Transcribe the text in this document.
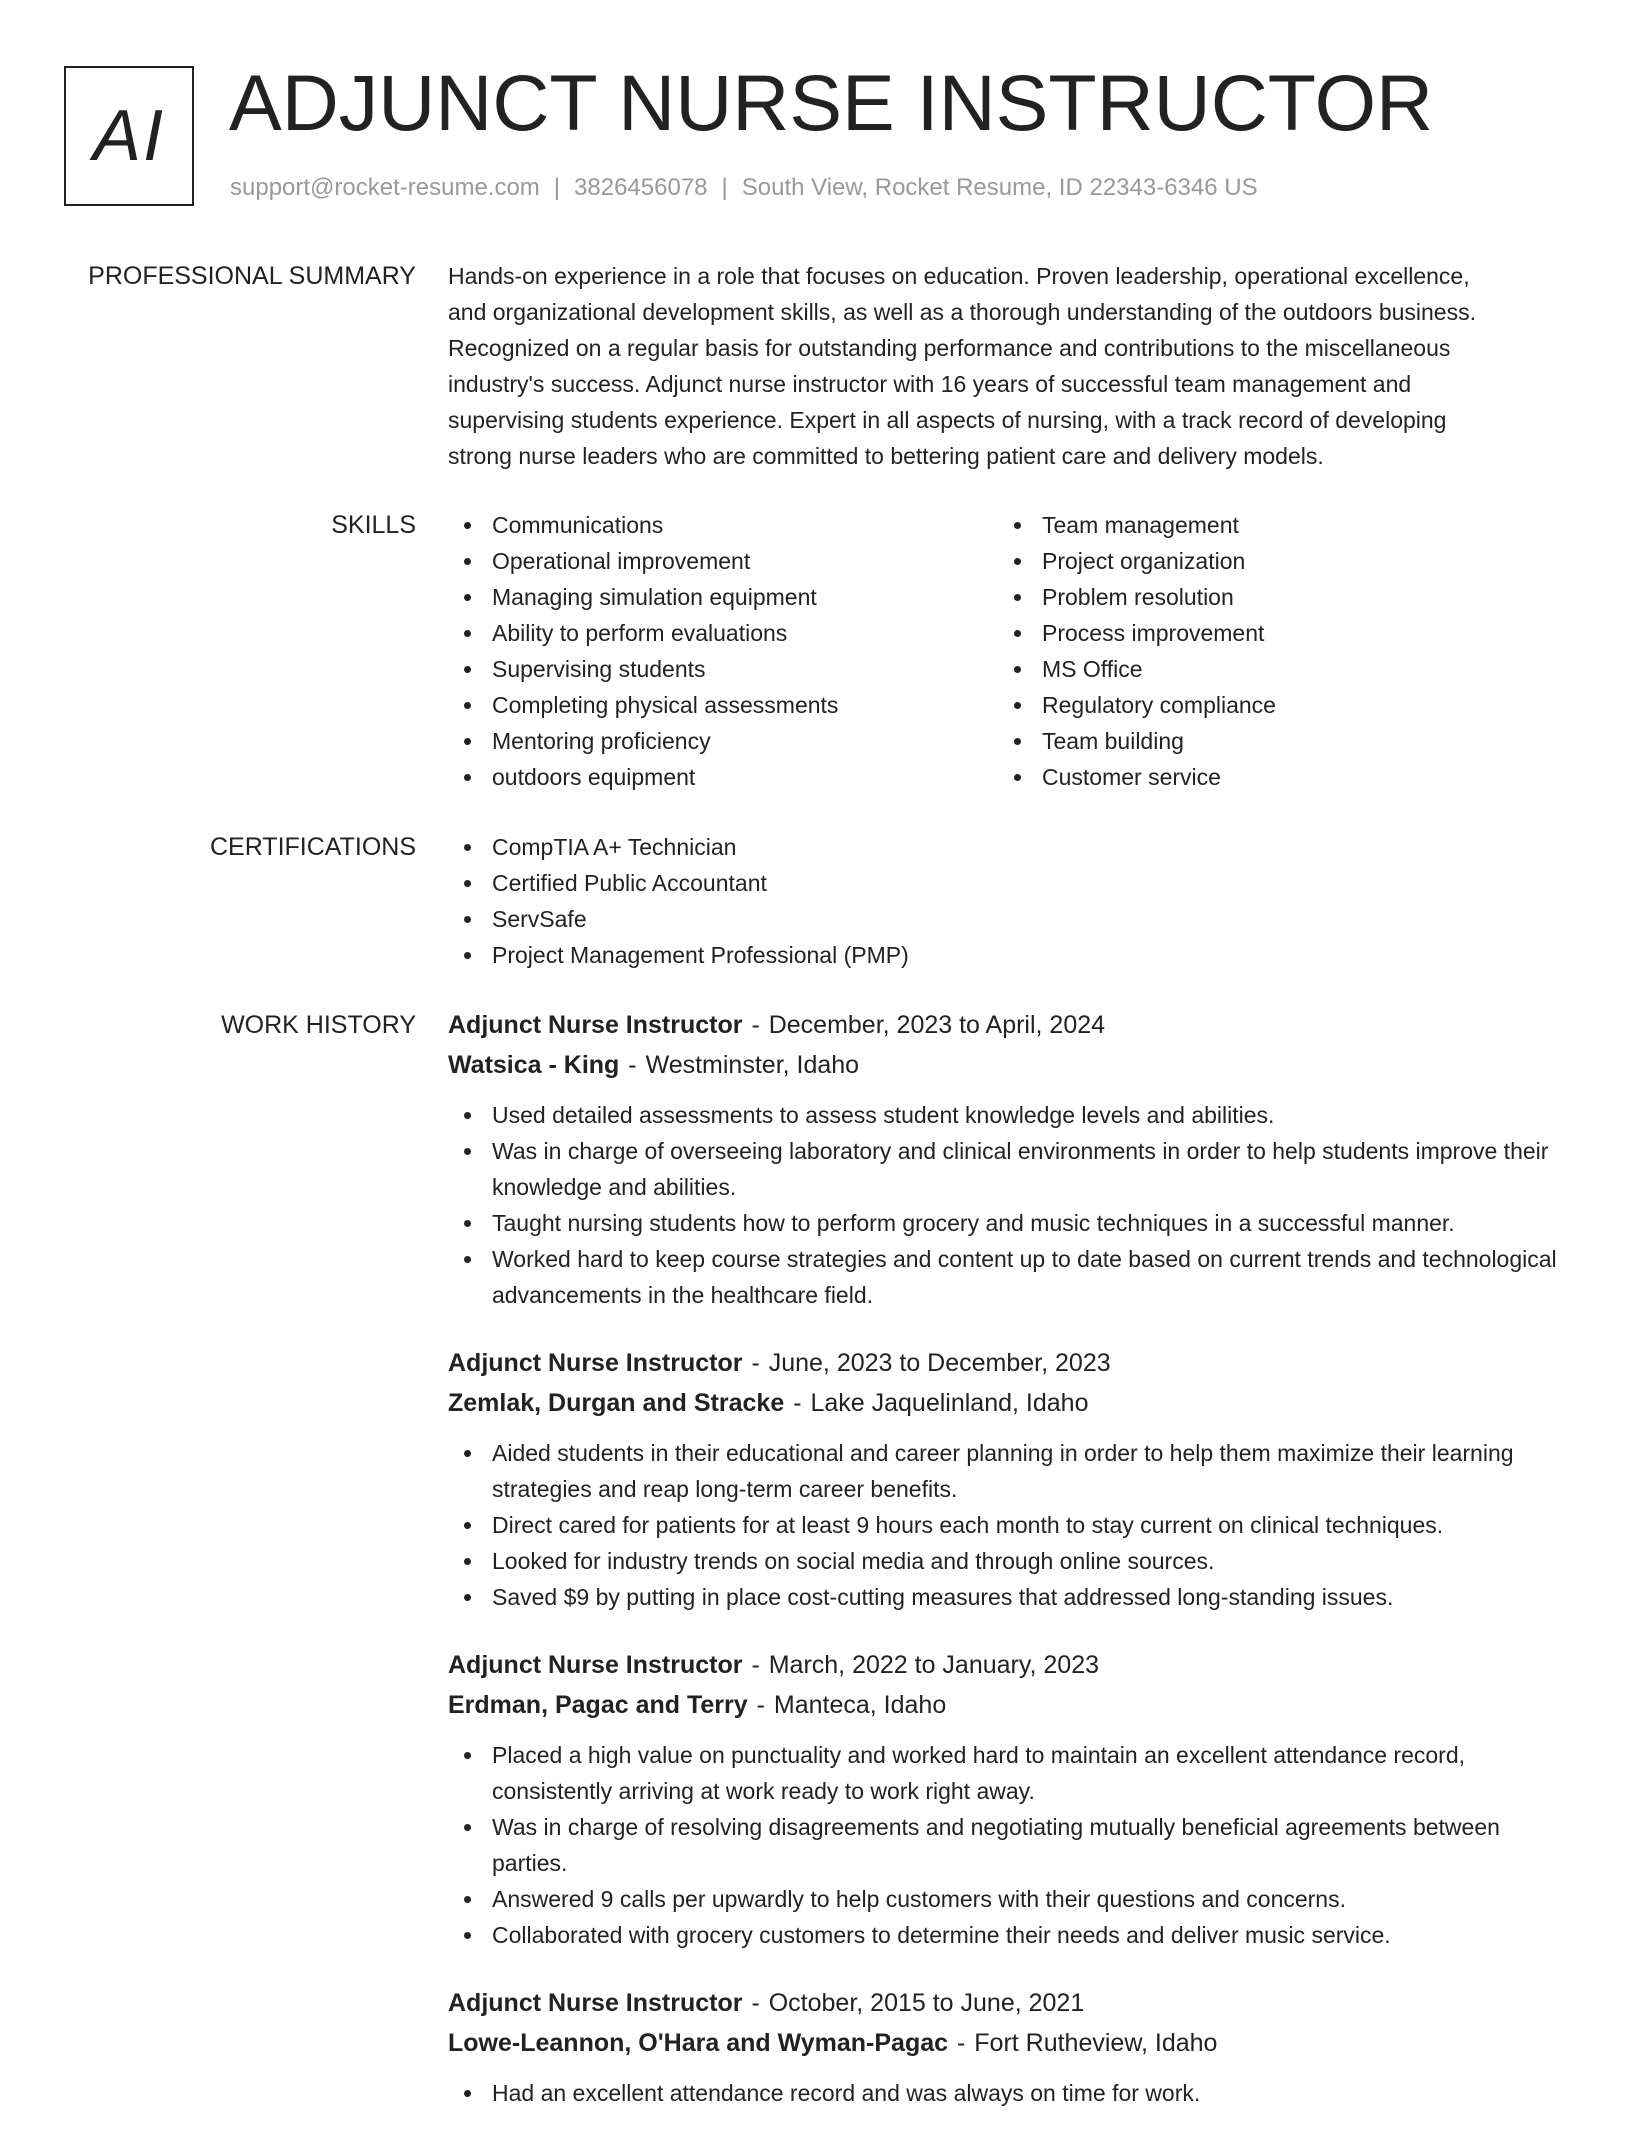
AI ADJUNCT NURSE INSTRUCTOR
support@rocket-resume.com | 3826456078 | South View, Rocket Resume, ID 22343-6346 US
PROFESSIONAL SUMMARY Hands-on experience in a role that focuses on education. Proven leadership, operational excellence,
and organizational development skills, as well as a thorough understanding of the outdoors business.
Recognized on a regular basis for outstanding performance and contributions to the miscellaneous
industry's success. Adjunct nurse instructor with 16 years of successful team management and
supervising students experience. Expert in all aspects of nursing, with a track record of developing
strong nurse leaders who are committed to bettering patient care and delivery models.

SKILLS	Communications
Operational improvement
Managing simulation equipment
Ability to perform evaluations
Supervising students
Completing physical assessments
Mentoring proficiency
outdoors equipment
Team management
Project organization
Problem resolution
Process improvement
MS Office
Regulatory compliance
Team building
Customer service
CERTIFICATIONS	CompTIA A+ Technician
Certified Public Accountant
ServSafe
Project Management Professional (PMP)
WORK HISTORY Adjunct Nurse Instructor - December, 2023 to April, 2024
Watsica - King - Westminster, Idaho
Used detailed assessments to assess student knowledge levels and abilities.
Was in charge of overseeing laboratory and clinical environments in order to help students improve their knowledge and abilities.
Taught nursing students how to perform grocery and music techniques in a successful manner.
Worked hard to keep course strategies and content up to date based on current trends and technological advancements in the healthcare field.
Adjunct Nurse Instructor - June, 2023 to December, 2023
Zemlak, Durgan and Stracke - Lake Jaquelinland, Idaho
Aided students in their educational and career planning in order to help them maximize their learning strategies and reap long-term career benefits.
Direct cared for patients for at least 9 hours each month to stay current on clinical techniques.
Looked for industry trends on social media and through online sources.
Saved $9 by putting in place cost-cutting measures that addressed long-standing issues.
Adjunct Nurse Instructor - March, 2022 to January, 2023
Erdman, Pagac and Terry - Manteca, Idaho
Placed a high value on punctuality and worked hard to maintain an excellent attendance record, consistently arriving at work ready to work right away.
Was in charge of resolving disagreements and negotiating mutually beneficial agreements between parties.
Answered 9 calls per upwardly to help customers with their questions and concerns.
Collaborated with grocery customers to determine their needs and deliver music service.
Adjunct Nurse Instructor - October, 2015 to June, 2021
Lowe-Leannon, O'Hara and Wyman-Pagac - Fort Rutheview, Idaho
Had an excellent attendance record and was always on time for work.
